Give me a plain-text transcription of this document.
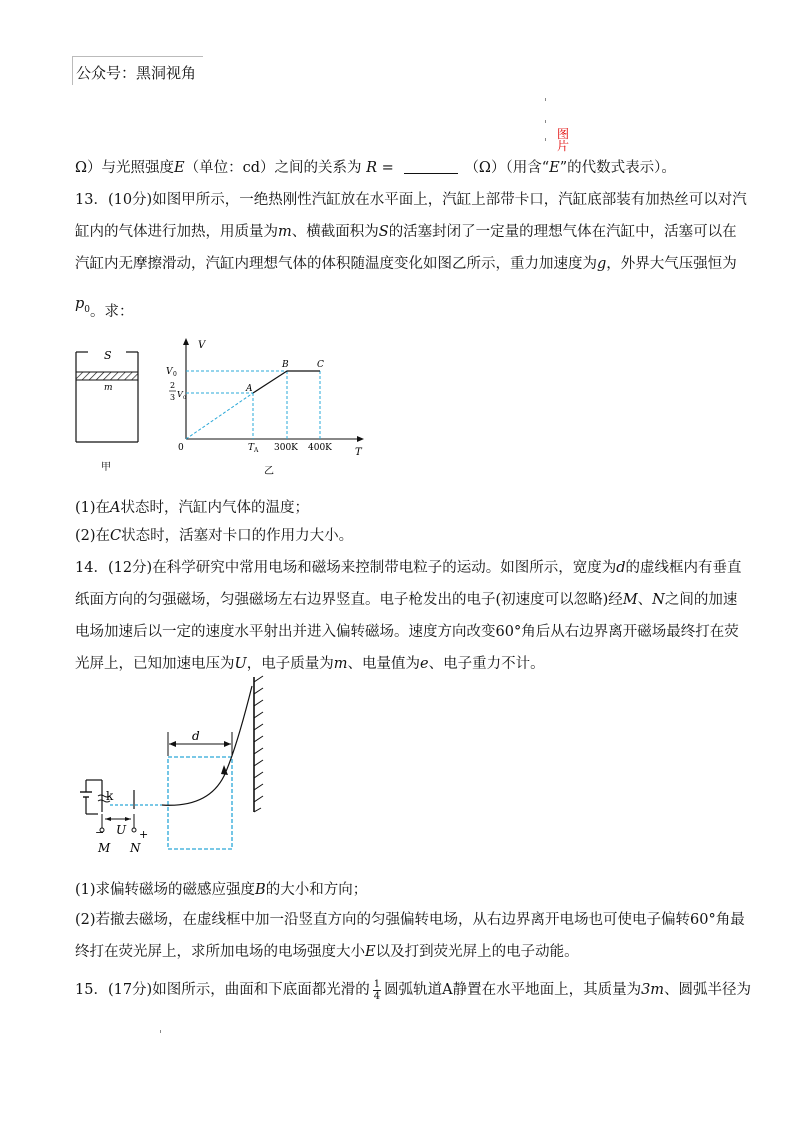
公众号：黑洞视角
图
片
Ω）与光照强度E（单位：cd）之间的关系为 R =	（Ω）（用含“E”的代数式表示）。
13．(10分)如图甲所示，一绝热刚性汽缸放在水平面上，汽缸上部带卡口，汽缸底部装有加热丝可以对汽
缸内的气体进行加热，用质量为m、横截面积为S的活塞封闭了一定量的理想气体在汽缸中，活塞可以在
汽缸内无摩擦滑动，汽缸内理想气体的体积随温度变化如图乙所示，重力加速度为g，外界大气压强恒为
$p_0$。求：
S
m
甲
V
T
0
V 0
2
3 V 0
A
B	C
T A 300K 400K
乙
(1)在A状态时，汽缸内气体的温度；
(2)在C状态时，活塞对卡口的作用力大小。
14．(12分)在科学研究中常用电场和磁场来控制带电粒子的运动。如图所示，宽度为d的虚线框内有垂直
纸面方向的匀强磁场，匀强磁场左右边界竖直。电子枪发出的电子(初速度可以忽略)经M、N之间的加速
电场加速后以一定的速度水平射出并进入偏转磁场。速度方向改变60°角后从右边界离开磁场最终打在荧
光屏上，已知加速电压为U，电子质量为m、电量值为e、电子重力不计。
d
k
U
−	+
M N
(1)求偏转磁场的磁感应强度B的大小和方向；
(2)若撤去磁场，在虚线框中加一沿竖直方向的匀强偏转电场，从右边界离开电场也可使电子偏转60°角最
终打在荧光屏上，求所加电场的电场强度大小E以及打到荧光屏上的电子动能。
15．(17分)如图所示，曲面和下底面都光滑的 $\frac{1}{4}$ 圆弧轨道A静置在水平地面上，其质量为3m、圆弧半径为
